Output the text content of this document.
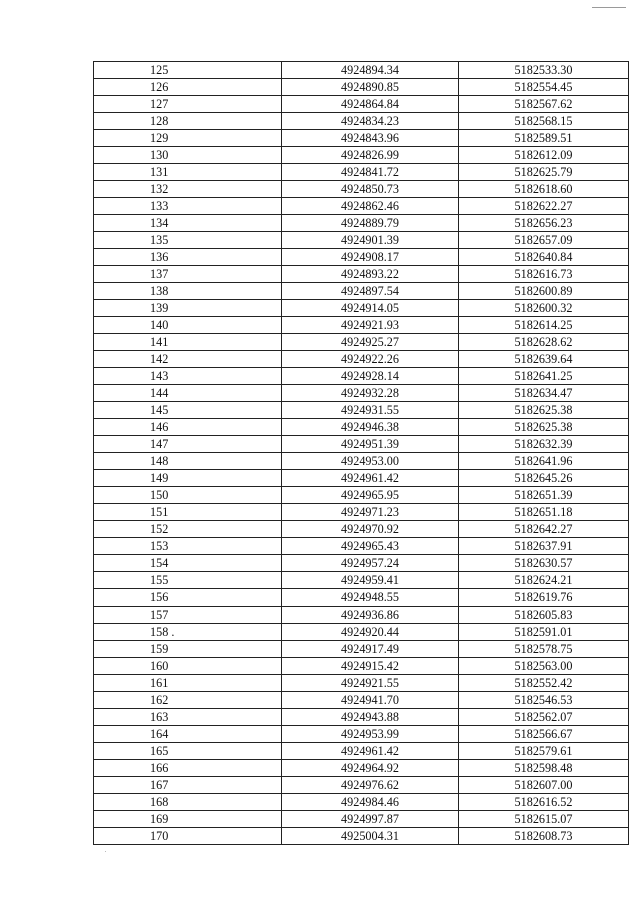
125	4924894.34	5182533.30
126	4924890.85	5182554.45
127	4924864.84	5182567.62
128	4924834.23	5182568.15
129	4924843.96	5182589.51
130	4924826.99	5182612.09
131	4924841.72	5182625.79
132	4924850.73	5182618.60
133	4924862.46	5182622.27
134	4924889.79	5182656.23
135	4924901.39	5182657.09
136	4924908.17	5182640.84
137	4924893.22	5182616.73
138	4924897.54	5182600.89
139	4924914.05	5182600.32
140	4924921.93	5182614.25
141	4924925.27	5182628.62
142	4924922.26	5182639.64
143	4924928.14	5182641.25
144	4924932.28	5182634.47
145	4924931.55	5182625.38
146	4924946.38	5182625.38
147	4924951.39	5182632.39
148	4924953.00	5182641.96
149	4924961.42	5182645.26
150	4924965.95	5182651.39
151	4924971.23	5182651.18
152	4924970.92	5182642.27
153	4924965.43	5182637.91
154	4924957.24	5182630.57
155	4924959.41	5182624.21
156	4924948.55	5182619.76
157	4924936.86	5182605.83
158 .	4924920.44	5182591.01
159	4924917.49	5182578.75
160	4924915.42	5182563.00
161	4924921.55	5182552.42
162	4924941.70	5182546.53
163	4924943.88	5182562.07
164	4924953.99	5182566.67
165	4924961.42	5182579.61
166	4924964.92	5182598.48
167	4924976.62	5182607.00
168	4924984.46	5182616.52
169	4924997.87	5182615.07
170	4925004.31	5182608.73
